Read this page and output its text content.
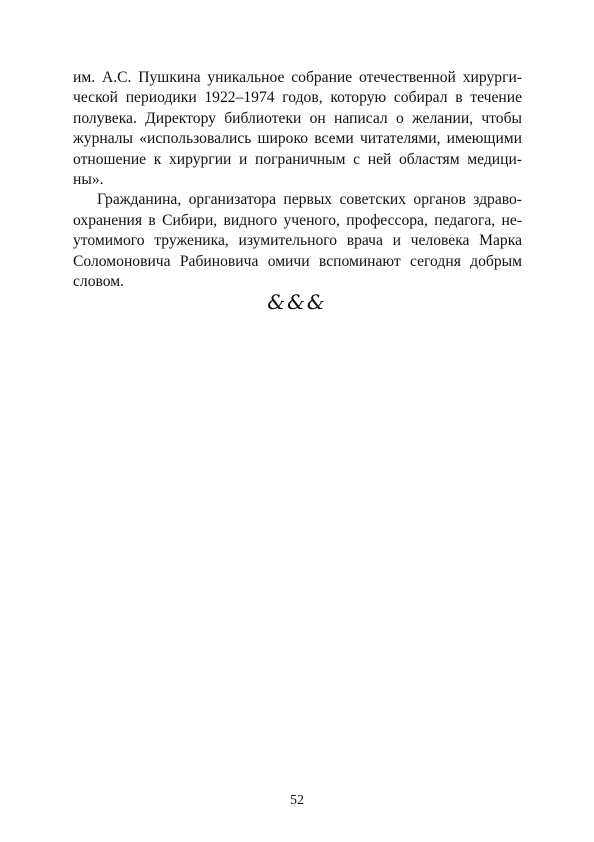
им. А.С. Пушкина уникальное собрание отечественной хирурги-
ческой периодики 1922–1974 годов, которую собирал в течение
полувека. Директору библиотеки он написал о желании, чтобы
журналы «использовались широко всеми читателями, имеющими
отношение к хирургии и пограничным с ней областям медици-
ны».
Гражданина, организатора первых советских органов здраво-
охранения в Сибири, видного ученого, профессора, педагога, не-
утомимого труженика, изумительного врача и человека Марка
Соломоновича Рабиновича омичи вспоминают сегодня добрым
словом.
&&&
52
